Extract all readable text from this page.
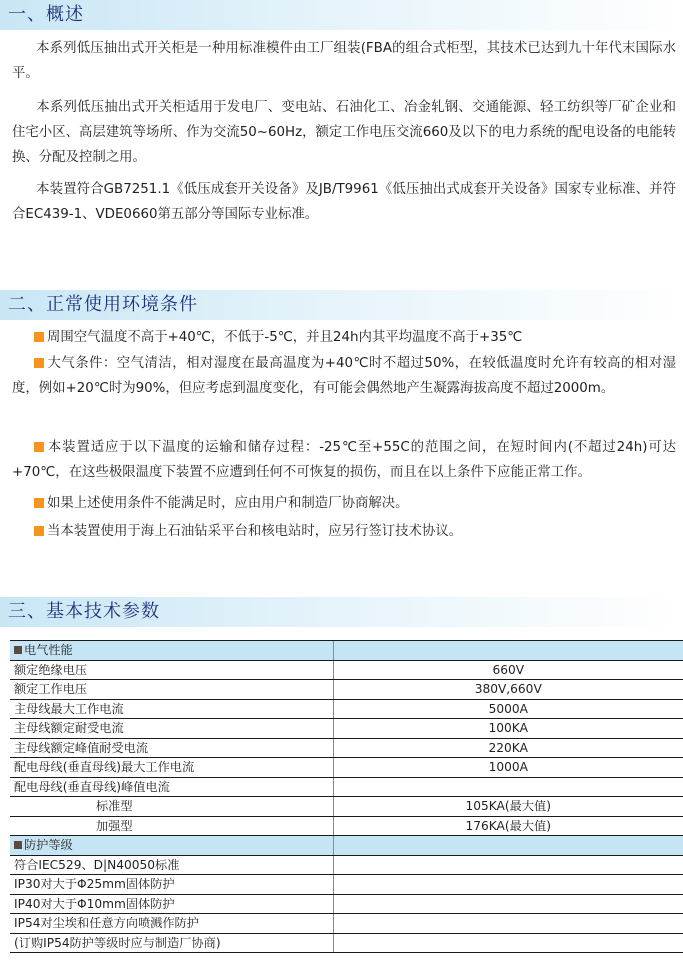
一、概述

本系列低压抽出式开关柜是一种用标准模件由工厂组装(FBA的组合式柜型，其技术已达到九十年代末国际水平。

本系列低压抽出式开关柜适用于发电厂、变电站、石油化工、冶金轧钢、交通能源、轻工纺织等厂矿企业和住宅小区、高层建筑等场所、作为交流50~60Hz，额定工作电压交流660及以下的电力系统的配电设备的电能转换、分配及控制之用。

本装置符合GB7251.1《低压成套开关设备》及JB/T9961《低压抽出式成套开关设备》国家专业标准、并符合EC439-1、VDE0660第五部分等国际专业标准。

二、正常使用环境条件

周围空气温度不高于+40℃，不低于-5℃，并且24h内其平均温度不高于+35℃

大气条件：空气清洁，相对湿度在最高温度为+40℃时不超过50%，在较低温度时允许有较高的相对湿度，例如+20℃时为90%，但应考虑到温度变化，有可能会偶然地产生凝露海拔高度不超过2000m。

本装置适应于以下温度的运输和储存过程：-25℃至+55C的范围之间，在短时间内(不超过24h)可达+70℃，在这些极限温度下装置不应遭到任何不可恢复的损伤，而且在以上条件下应能正常工作。

如果上述使用条件不能满足时，应由用户和制造厂协商解决。

当本装置使用于海上石油钻采平台和核电站时，应另行签订技术协议。

三、基本技术参数
电气性能	
额定绝缘电压	660V
额定工作电压	380V,660V
主母线最大工作电流	5000A
主母线额定耐受电流	100KA
主母线额定峰值耐受电流	220KA
配电母线(垂直母线)最大工作电流	1000A
配电母线(垂直母线)峰值电流	
标准型	105KA(最大值)
加强型	176KA(最大值)
防护等级	
符合IEC529、D|N40050标准	
IP30对大于Φ25mm固体防护	
IP40对大于Φ10mm固体防护	
IP54对尘埃和任意方向喷溅作防护	
(订购IP54防护等级时应与制造厂协商)	
